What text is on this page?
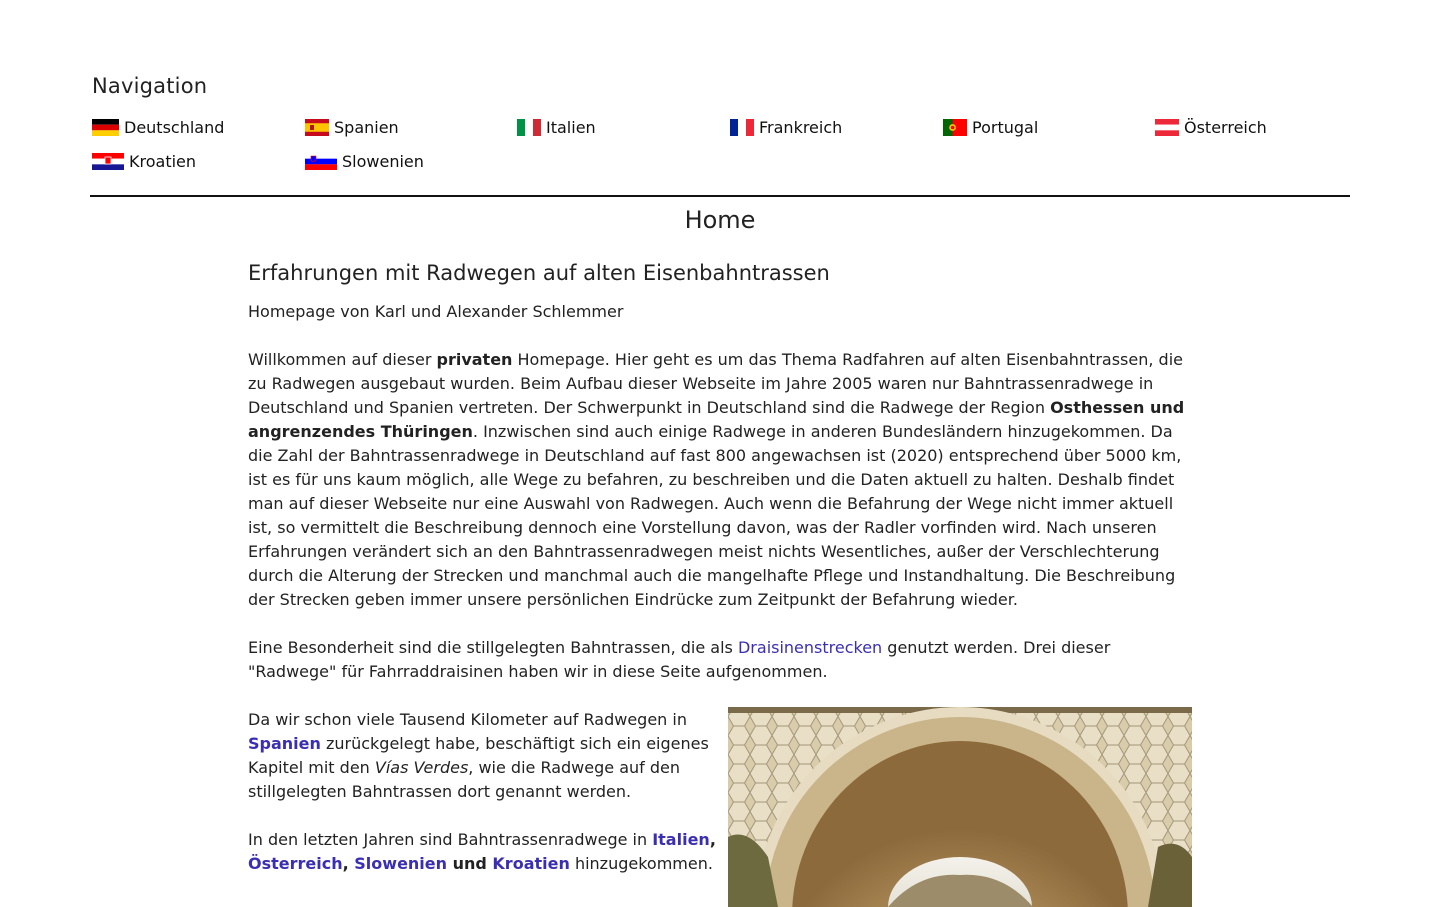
Navigation
Deutschland	Spanien	Italien	Frankreich	Portugal	Österreich
Kroatien	Slowenien
Home
Erfahrungen mit Radwegen auf alten Eisenbahntrassen
Homepage von Karl und Alexander Schlemmer

Willkommen auf dieser privaten Homepage. Hier geht es um das Thema Radfahren auf alten Eisenbahntrassen, die zu Radwegen ausgebaut wurden. Beim Aufbau dieser Webseite im Jahre 2005 waren nur Bahntrassenradwege in Deutschland und Spanien vertreten. Der Schwerpunkt in Deutschland sind die Radwege der Region Osthessen und angrenzendes Thüringen. Inzwischen sind auch einige Radwege in anderen Bundesländern hinzugekommen. Da die Zahl der Bahntrassenradwege in Deutschland auf fast 800 angewachsen ist (2020) entsprechend über 5000 km, ist es für uns kaum möglich, alle Wege zu befahren, zu beschreiben und die Daten aktuell zu halten. Deshalb findet man auf dieser Webseite nur eine Auswahl von Radwegen. Auch wenn die Befahrung der Wege nicht immer aktuell ist, so vermittelt die Beschreibung dennoch eine Vorstellung davon, was der Radler vorfinden wird. Nach unseren Erfahrungen verändert sich an den Bahntrassenradwegen meist nichts Wesentliches, außer der Verschlechterung durch die Alterung der Strecken und manchmal auch die mangelhafte Pflege und Instandhaltung. Die Beschreibung der Strecken geben immer unsere persönlichen Eindrücke zum Zeitpunkt der Befahrung wieder.

Eine Besonderheit sind die stillgelegten Bahntrassen, die als Draisinenstrecken genutzt werden. Drei dieser "Radwege" für Fahrraddraisinen haben wir in diese Seite aufgenommen.

Da wir schon viele Tausend Kilometer auf Radwegen in Spanien zurückgelegt habe, beschäftigt sich ein eigenes Kapitel mit den Vías Verdes, wie die Radwege auf den stillgelegten Bahntrassen dort genannt werden.

In den letzten Jahren sind Bahntrassenradwege in Italien, Österreich, Slowenien und Kroatien hinzugekommen.
